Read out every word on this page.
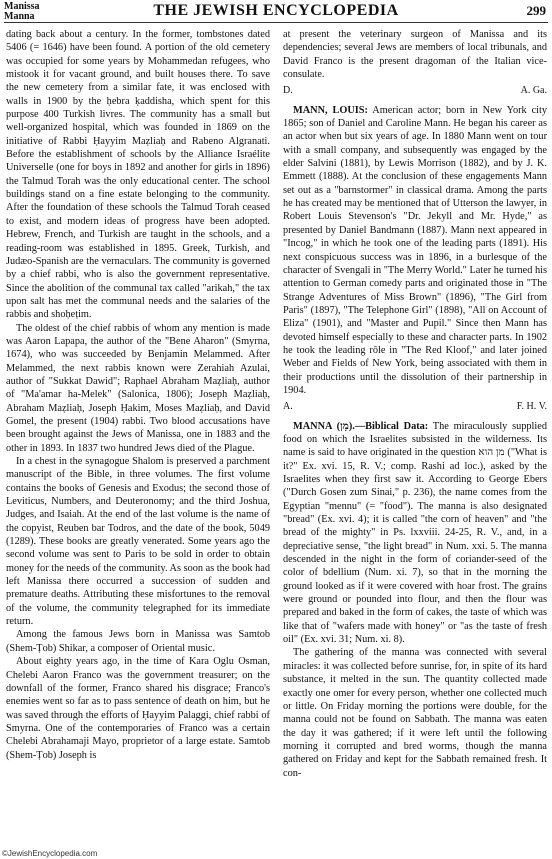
Manissa
Manna	THE JEWISH ENCYCLOPEDIA	299

dating back about a century. In the former, tombstones dated 5406 (= 1646) have been found. A portion of the old cemetery was occupied for some years by Mohammedan refugees, who mistook it for vacant ground, and built houses there. To save the new cemetery from a similar fate, it was enclosed with walls in 1900 by the ḥebra ḳaddisha, which spent for this purpose 400 Turkish livres. The community has a small but well-organized hospital, which was founded in 1869 on the initiative of Rabbi Ḥayyim Maẓliaḥ and Rabeno Algranati. Before the establishment of schools by the Alliance Israélite Universelle (one for boys in 1892 and another for girls in 1896) the Talmud Torah was the only educational center. The school buildings stand on a fine estate belonging to the community. After the foundation of these schools the Talmud Torah ceased to exist, and modern ideas of progress have been adopted. Hebrew, French, and Turkish are taught in the schools, and a reading-room was established in 1895. Greek, Turkish, and Judæo-Spanish are the vernaculars. The community is governed by a chief rabbi, who is also the government representative. Since the abolition of the communal tax called "arikah," the tax upon salt has met the communal needs and the salaries of the rabbis and shoḥeṭim.

The oldest of the chief rabbis of whom any mention is made was Aaron Lapapa, the author of the "Bene Aharon" (Smyrna, 1674), who was succeeded by Benjamin Melammed. After Melammed, the next rabbis known were Zerahiah Azulai, author of "Sukkat Dawid"; Raphael Abraham Maẓliaḥ, author of "Ma'amar ha-Melek" (Salonica, 1806); Joseph Maẓliaḥ, Abraham Maẓliaḥ, Joseph Ḥakim, Moses Maẓliaḥ, and David Gomel, the present (1904) rabbi. Two blood accusations have been brought against the Jews of Manissa, one in 1883 and the other in 1893. In 1837 two hundred Jews died of the Plague.

In a chest in the synagogue Shalom is preserved a parchment manuscript of the Bible, in three volumes. The first volume contains the books of Genesis and Exodus; the second those of Leviticus, Numbers, and Deuteronomy; and the third Joshua, Judges, and Isaiah. At the end of the last volume is the name of the copyist, Reuben bar Todros, and the date of the book, 5049 (1289). These books are greatly venerated. Some years ago the second volume was sent to Paris to be sold in order to obtain money for the needs of the community. As soon as the book had left Manissa there occurred a succession of sudden and premature deaths. Attributing these misfortunes to the removal of the volume, the community telegraphed for its immediate return.

Among the famous Jews born in Manissa was Samtob (Shem-Ṭob) Shikar, a composer of Oriental music.

About eighty years ago, in the time of Kara Oglu Osman, Chelebi Aaron Franco was the government treasurer; on the downfall of the former, Franco shared his disgrace; Franco's enemies went so far as to pass sentence of death on him, but he was saved through the efforts of Ḥayyim Palaggi, chief rabbi of Smyrna. One of the contemporaries of Franco was a certain Chelebi Abrahamaji Mayo, proprietor of a large estate. Samtob (Shem-Ṭob) Joseph is

at present the veterinary surgeon of Manissa and its dependencies; several Jews are members of local tribunals, and David Franco is the present dragoman of the Italian vice-consulate.

D.	A. Ga.

MANN, LOUIS: American actor; born in New York city 1865; son of Daniel and Caroline Mann. He began his career as an actor when but six years of age. In 1880 Mann went on tour with a small company, and subsequently was engaged by the elder Salvini (1881), by Lewis Morrison (1882), and by J. K. Emmett (1888). At the conclusion of these engagements Mann set out as a "barnstormer" in classical drama. Among the parts he has created may be mentioned that of Utterson the lawyer, in Robert Louis Stevenson's "Dr. Jekyll and Mr. Hyde," as presented by Daniel Bandmann (1887). Mann next appeared in "Incog," in which he took one of the leading parts (1891). His next conspicuous success was in 1896, in a burlesque of the character of Svengali in "The Merry World." Later he turned his attention to German comedy parts and originated those in "The Strange Adventures of Miss Brown" (1896), "The Girl from Paris" (1897), "The Telephone Girl" (1898), "All on Account of Eliza" (1901), and "Master and Pupil." Since then Mann has devoted himself especially to these and character parts. In 1902 he took the leading rôle in "The Red Kloof," and later joined Weber and Fields of New York, being associated with them in their productions until the dissolution of their partnership in 1904.

A.	F. H. V.

MANNA (מָן).—Biblical Data: The miraculously supplied food on which the Israelites subsisted in the wilderness. Its name is said to have originated in the question מן הוא ("What is it?" Ex. xvi. 15, R. V.; comp. Rashi ad loc.), asked by the Israelites when they first saw it. According to George Ebers ("Durch Gosen zum Sinai," p. 236), the name comes from the Egyptian "mennu" (= "food"). The manna is also designated "bread" (Ex. xvi. 4); it is called "the corn of heaven" and "the bread of the mighty" in Ps. lxxviii. 24-25, R. V., and, in a depreciative sense, "the light bread" in Num. xxi. 5. The manna descended in the night in the form of coriander-seed of the color of bdellium (Num. xi. 7), so that in the morning the ground looked as if it were covered with hoar frost. The grains were ground or pounded into flour, and then the flour was prepared and baked in the form of cakes, the taste of which was like that of "wafers made with honey" or "as the taste of fresh oil" (Ex. xvi. 31; Num. xi. 8).

The gathering of the manna was connected with several miracles: it was collected before sunrise, for, in spite of its hard substance, it melted in the sun. The quantity collected made exactly one omer for every person, whether one collected much or little. On Friday morning the portions were double, for the manna could not be found on Sabbath. The manna was eaten the day it was gathered; if it were left until the following morning it corrupted and bred worms, though the manna gathered on Friday and kept for the Sabbath remained fresh. It con-

©JewishEncyclopedia.com
